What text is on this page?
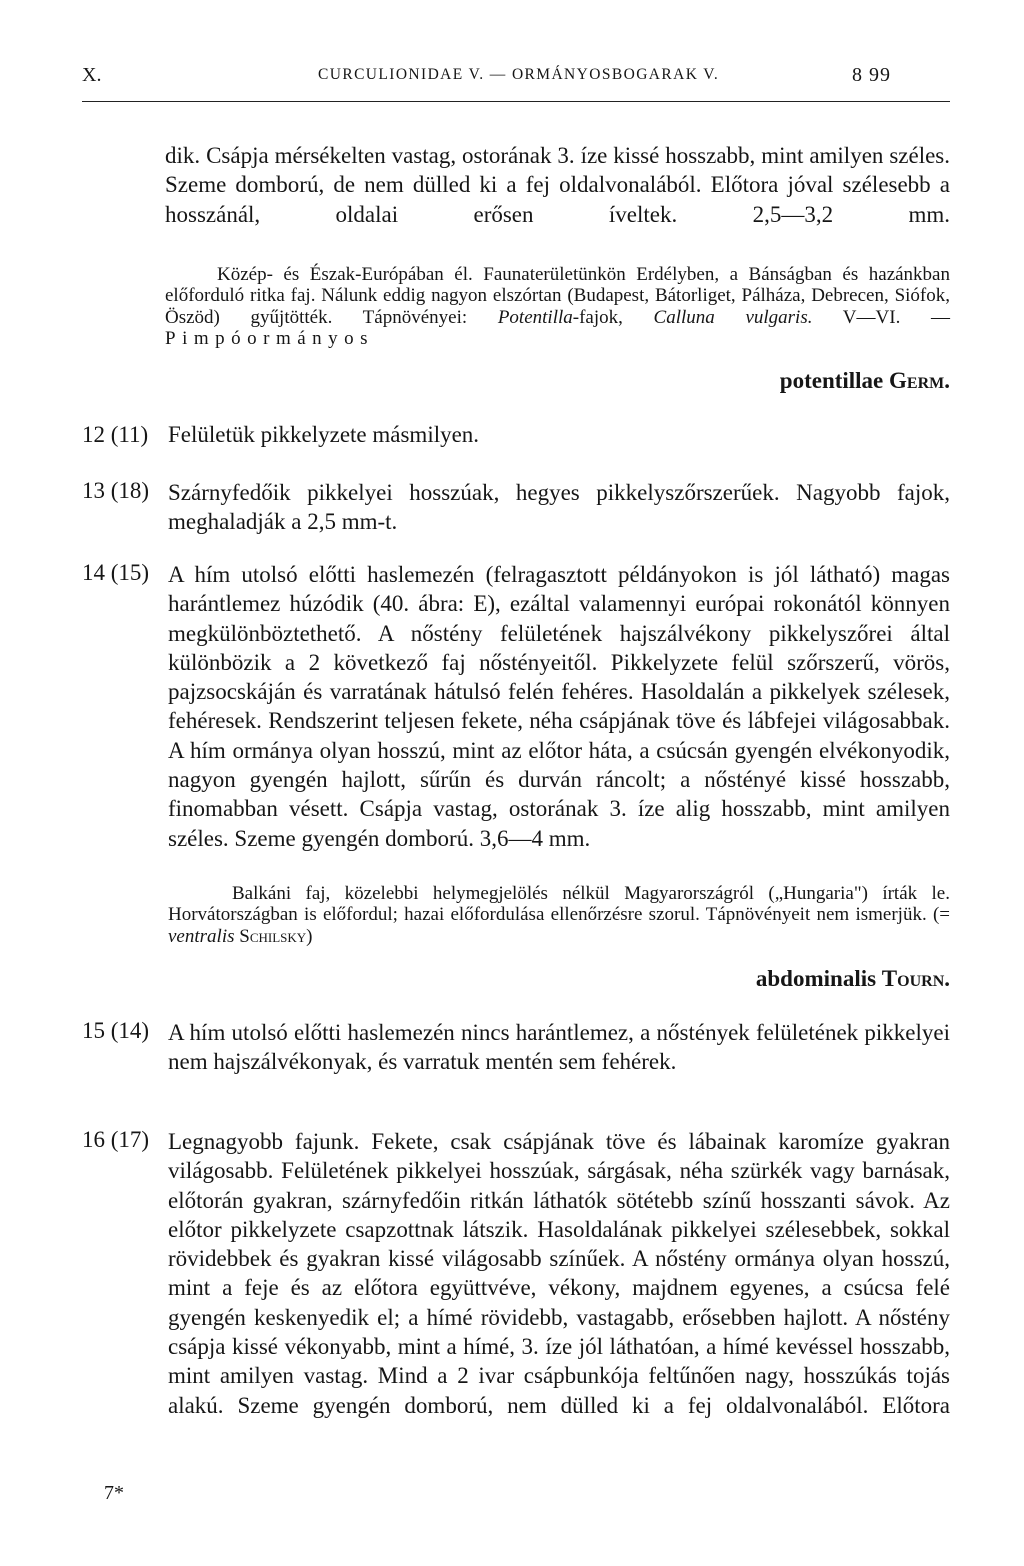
X.	CURCULIONIDAE V. — ORMÁNYOSBOGARAK V.	8 99

dik. Csápja mérsékelten vastag, ostorának 3. íze kissé hosszabb, mint amilyen széles. Szeme domború, de nem dülled ki a fej oldalvonalából. Előtora jóval szélesebb a hosszánál, oldalai erősen íveltek. 2,5—3,2 mm.

Közép- és Észak-Európában él. Faunaterületünkön Erdélyben, a Bánságban és hazánkban előforduló ritka faj. Nálunk eddig nagyon elszórtan (Budapest, Bátorliget, Pálháza, Debrecen, Siófok, Öszöd) gyűjtötték. Tápnövényei: Potentilla-fajok, Calluna vulgaris. V—VI. — Pimpóormányos

potentillae Germ.
12 (11) Felületük pikkelyzete másmilyen.

13 (18) Szárnyfedőik pikkelyei hosszúak, hegyes pikkelyszőrszerűek. Nagyobb fajok, meghaladják a 2,5 mm-t.

14 (15) A hím utolsó előtti haslemezén (felragasztott példányokon is jól látható) magas harántlemez húzódik (40. ábra: E), ezáltal valamennyi európai rokonától könnyen megkülönböztethető. A nőstény felületének hajszálvékony pikkelyszőrei által különbözik a 2 következő faj nőstényeitől. Pikkelyzete felül szőrszerű, vörös, pajzsocskáján és varratának hátulsó felén fehéres. Hasoldalán a pikkelyek szélesek, fehéresek. Rendszerint teljesen fekete, néha csápjának töve és lábfejei világosabbak. A hím ormánya olyan hosszú, mint az előtor háta, a csúcsán gyengén elvékonyodik, nagyon gyengén hajlott, sűrűn és durván ráncolt; a nőstényé kissé hosszabb, finomabban vésett. Csápja vastag, ostorának 3. íze alig hosszabb, mint amilyen széles. Szeme gyengén domború. 3,6—4 mm.

Balkáni faj, közelebbi helymegjelölés nélkül Magyarországról („Hungaria") írták le. Horvátországban is előfordul; hazai előfordulása ellenőrzésre szorul. Tápnövényeit nem ismerjük. (= ventralis Schilsky)

abdominalis Tourn.
15 (14) A hím utolsó előtti haslemezén nincs harántlemez, a nőstények felületének pikkelyei nem hajszálvékonyak, és varratuk mentén sem fehérek.

16 (17) Legnagyobb fajunk. Fekete, csak csápjának töve és lábainak karomíze gyakran világosabb. Felületének pikkelyei hosszúak, sárgásak, néha szürkék vagy barnásak, előtorán gyakran, szárnyfedőin ritkán láthatók sötétebb színű hosszanti sávok. Az előtor pikkelyzete csapzottnak látszik. Hasoldalának pikkelyei szélesebbek, sokkal rövidebbek és gyakran kissé világosabb színűek. A nőstény ormánya olyan hosszú, mint a feje és az előtora együttvéve, vékony, majdnem egyenes, a csúcsa felé gyengén keskenyedik el; a hímé rövidebb, vastagabb, erősebben hajlott. A nőstény csápja kissé vékonyabb, mint a hímé, 3. íze jól láthatóan, a hímé kevéssel hosszabb, mint amilyen vastag. Mind a 2 ivar csápbunkója feltűnően nagy, hosszúkás tojás alakú. Szeme gyengén domború, nem dülled ki a fej oldalvonalából. Előtora

7*
